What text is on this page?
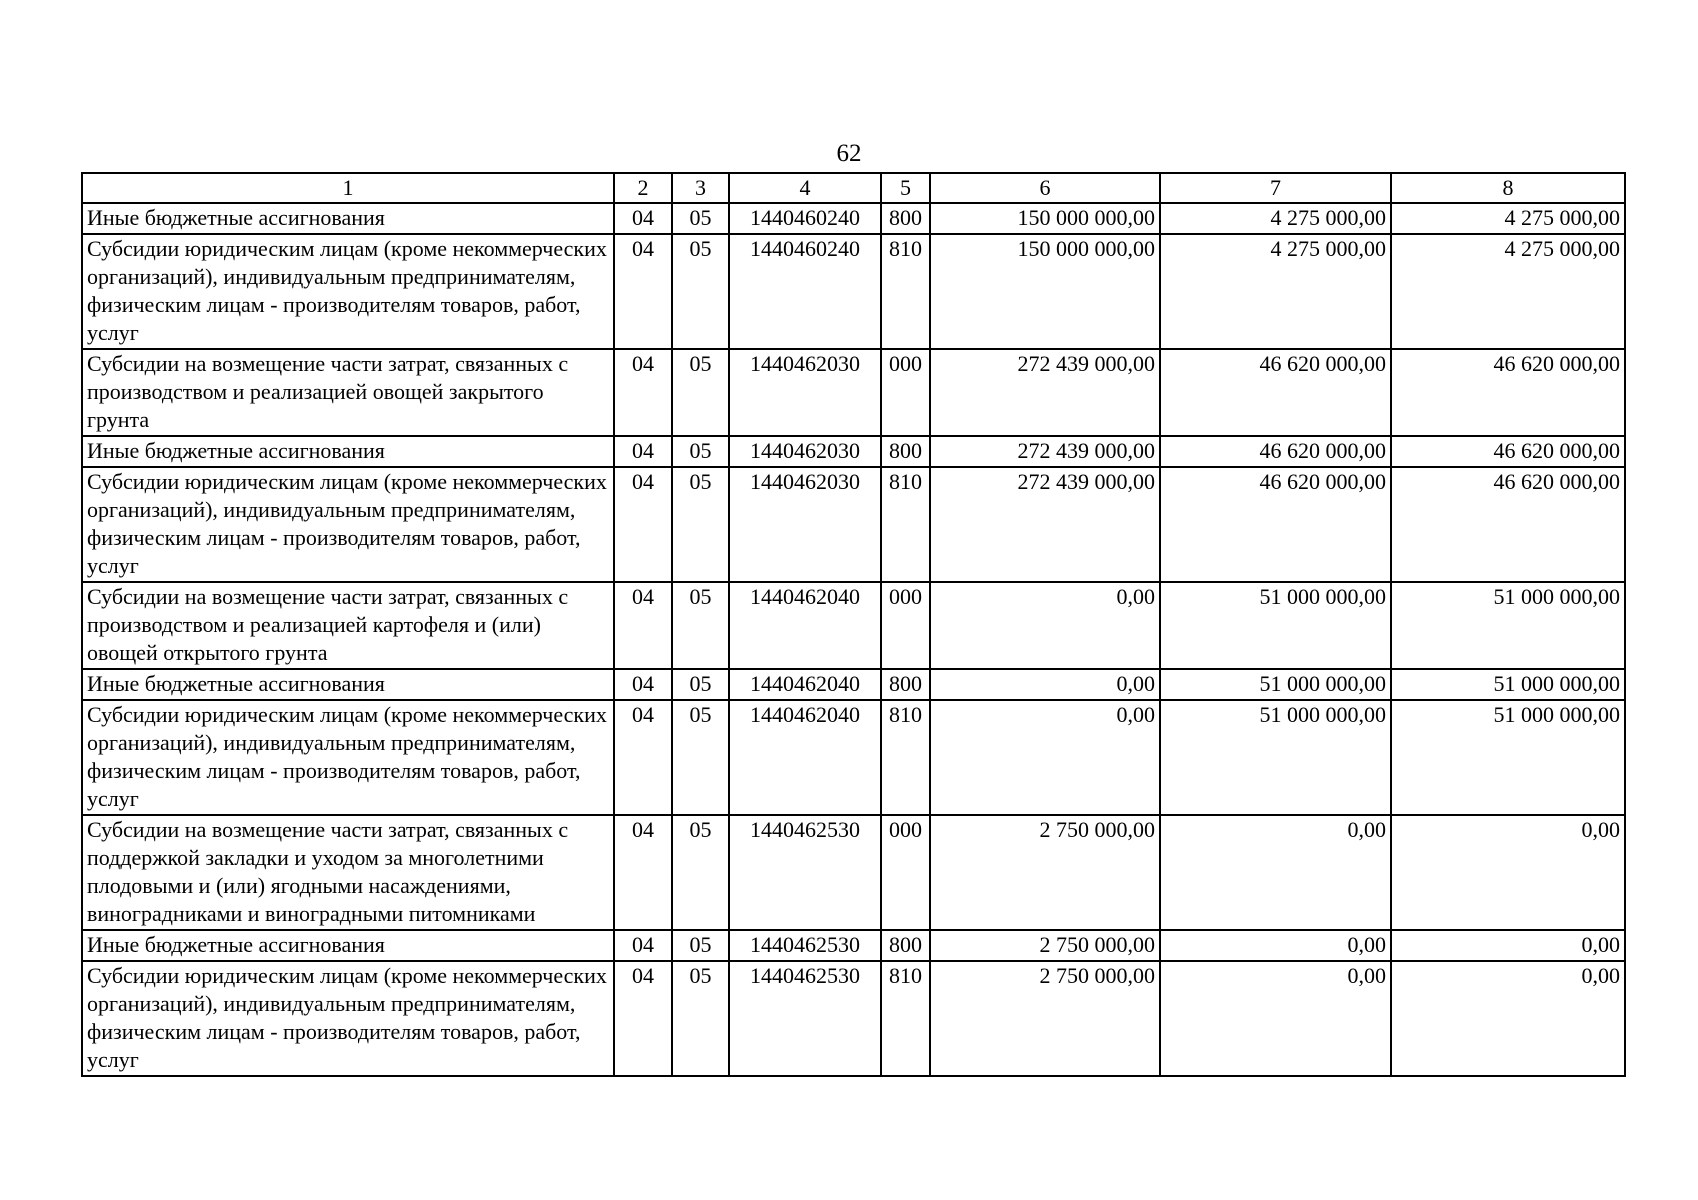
62
1	2	3	4	5	6	7	8
Иные бюджетные ассигнования	04	05	1440460240	800	150 000 000,00	4 275 000,00	4 275 000,00
Субсидии юридическим лицам (кроме некоммерческих организаций), индивидуальным предпринимателям, физическим лицам - производителям товаров, работ, услуг	04	05	1440460240	810	150 000 000,00	4 275 000,00	4 275 000,00
Субсидии на возмещение части затрат, связанных с производством и реализацией овощей закрытого грунта	04	05	1440462030	000	272 439 000,00	46 620 000,00	46 620 000,00
Иные бюджетные ассигнования	04	05	1440462030	800	272 439 000,00	46 620 000,00	46 620 000,00
Субсидии юридическим лицам (кроме некоммерческих организаций), индивидуальным предпринимателям, физическим лицам - производителям товаров, работ, услуг	04	05	1440462030	810	272 439 000,00	46 620 000,00	46 620 000,00
Субсидии на возмещение части затрат, связанных с производством и реализацией картофеля и (или) овощей открытого грунта	04	05	1440462040	000	0,00	51 000 000,00	51 000 000,00
Иные бюджетные ассигнования	04	05	1440462040	800	0,00	51 000 000,00	51 000 000,00
Субсидии юридическим лицам (кроме некоммерческих организаций), индивидуальным предпринимателям, физическим лицам - производителям товаров, работ, услуг	04	05	1440462040	810	0,00	51 000 000,00	51 000 000,00
Субсидии на возмещение части затрат, связанных с поддержкой закладки и уходом за многолетними плодовыми и (или) ягодными насаждениями, виноградниками и виноградными питомниками	04	05	1440462530	000	2 750 000,00	0,00	0,00
Иные бюджетные ассигнования	04	05	1440462530	800	2 750 000,00	0,00	0,00
Субсидии юридическим лицам (кроме некоммерческих организаций), индивидуальным предпринимателям, физическим лицам - производителям товаров, работ, услуг	04	05	1440462530	810	2 750 000,00	0,00	0,00
